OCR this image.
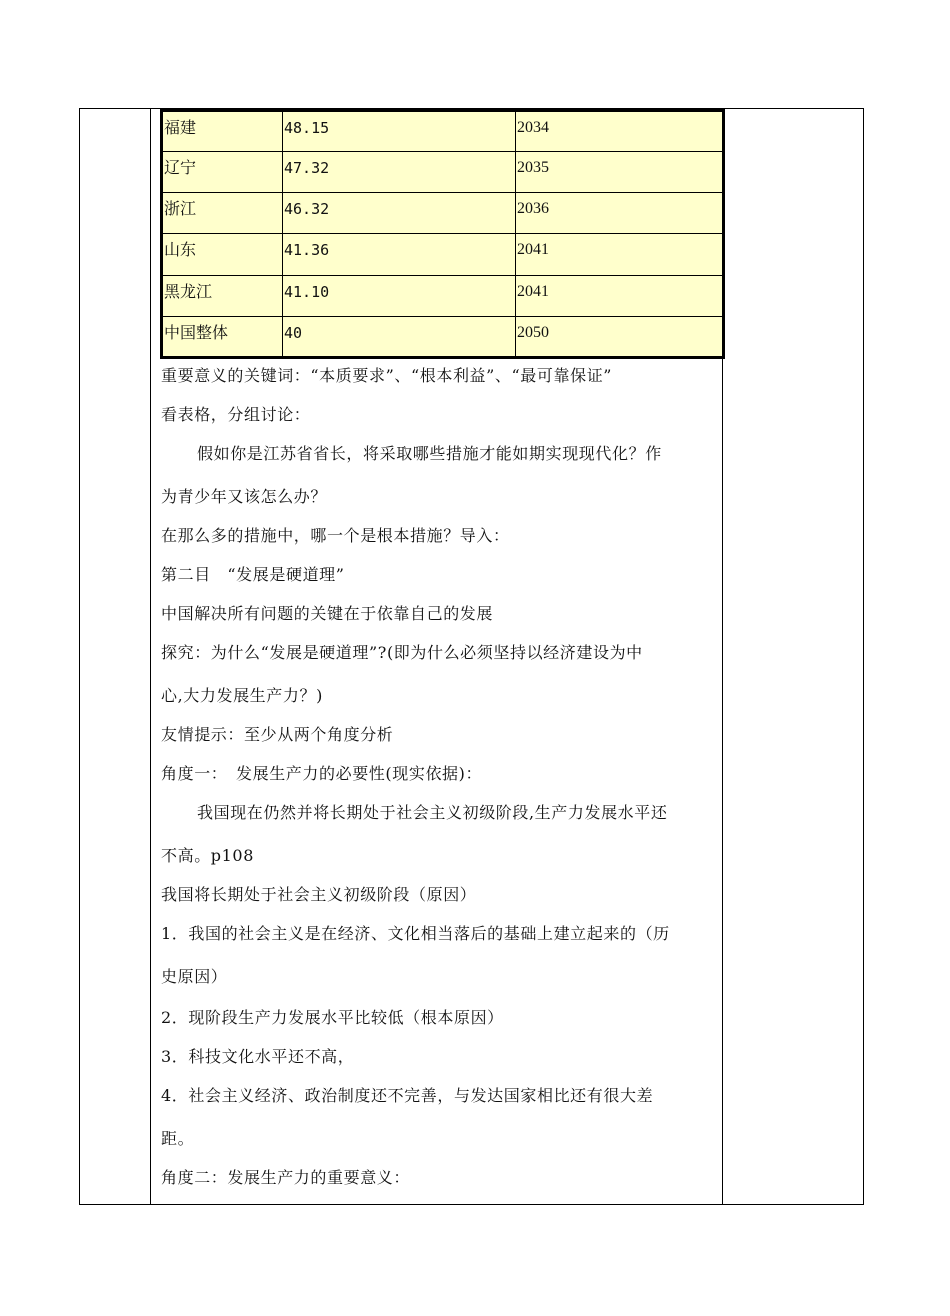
福建	48.15	2034
辽宁	47.32	2035
浙江	46.32	2036
山东	41.36	2041
黑龙江	41.10	2041
中国整体	40	2050
重要意义的关键词：“本质要求”、“根本利益”、“最可靠保证”
看表格，分组讨论：
假如你是江苏省省长，将采取哪些措施才能如期实现现代化？作
为青少年又该怎么办？
在那么多的措施中，哪一个是根本措施？导入：
第二目　“发展是硬道理”
中国解决所有问题的关键在于依靠自己的发展
探究：为什么“发展是硬道理”?(即为什么必须坚持以经济建设为中
心,大力发展生产力？)
友情提示：至少从两个角度分析
角度一：　发展生产力的必要性(现实依据)：
我国现在仍然并将长期处于社会主义初级阶段,生产力发展水平还
不高。p108
我国将长期处于社会主义初级阶段（原因）
1．我国的社会主义是在经济、文化相当落后的基础上建立起来的（历
史原因）
2．现阶段生产力发展水平比较低（根本原因）
3．科技文化水平还不高，
4．社会主义经济、政治制度还不完善，与发达国家相比还有很大差
距。
角度二：发展生产力的重要意义：
